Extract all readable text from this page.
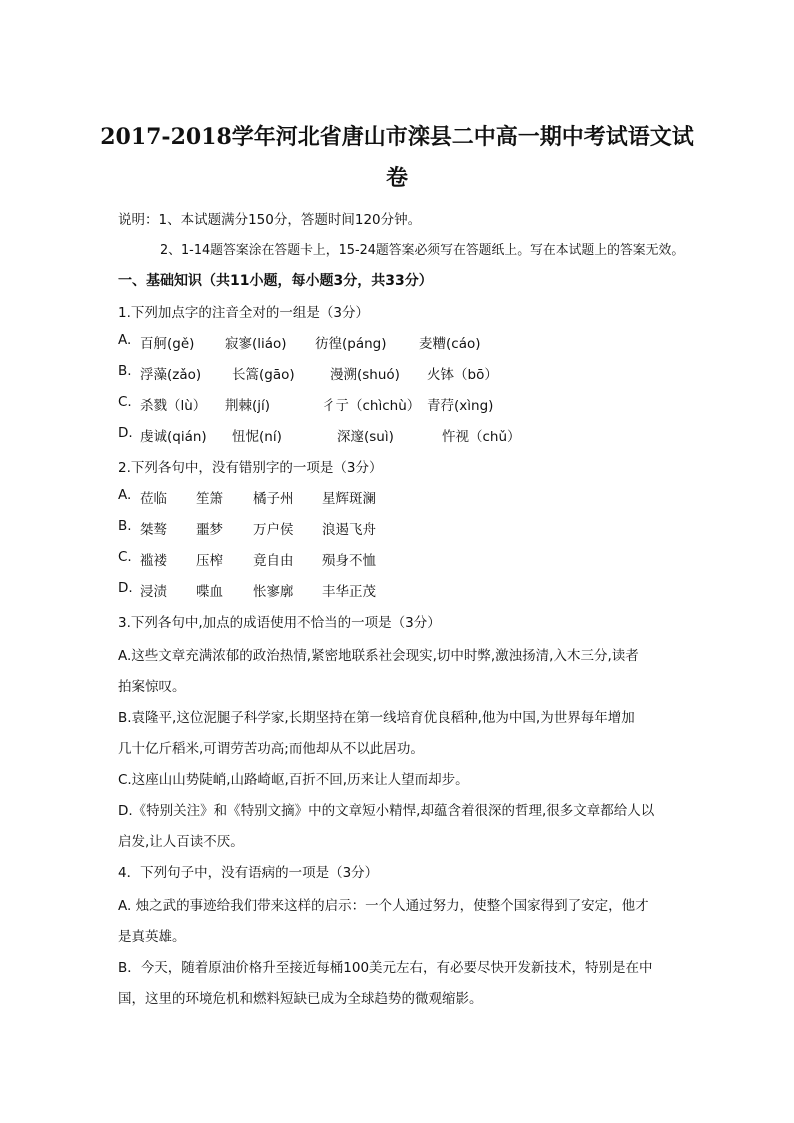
2017-2018学年河北省唐山市滦县二中高一期中考试语文试
卷
说明：1、本试题满分150分，答题时间120分钟。
2、1-14题答案涂在答题卡上，15-24题答案必须写在答题纸上。写在本试题上的答案无效。
一、基础知识（共11小题，每小题3分，共33分）
1.下列加点字的注音全对的一组是（3分）
A. 百舸(gě) 寂寥(liáo) 彷徨(páng) 麦糟(cáo)
B. 浮藻(zǎo) 长篙(gāo)	漫溯(shuó) 火钵（bō）
C. 杀戮（lù） 荆棘(jí)	彳亍（chìchù） 青荇(xìng)
D. 虔诚(qián) 忸怩(ní)	深邃(suì)	忤视（chǔ）
2.下列各句中，没有错别字的一项是（3分）
A. 莅临 笙箫 橘子州 星辉斑澜
B. 桀骜 噩梦 万户侯 浪遏飞舟
C. 褴褛 压榨 竟自由 殒身不恤
D. 浸渍 喋血 怅寥廓 丰华正茂
3.下列各句中,加点的成语使用不恰当的一项是（3分）
A.这些文章充满浓郁的政治热情,紧密地联系社会现实,切中时弊,激浊扬清,入木三分,读者
拍案惊叹。
B.袁隆平,这位泥腿子科学家,长期坚持在第一线培育优良稻种,他为中国,为世界每年增加
几十亿斤稻米,可谓劳苦功高;而他却从不以此居功。
C.这座山山势陡峭,山路崎岖,百折不回,历来让人望而却步。
D.《特别关注》和《特别文摘》中的文章短小精悍,却蕴含着很深的哲理,很多文章都给人以
启发,让人百读不厌。
4．下列句子中，没有语病的一项是（3分）
A. 烛之武的事迹给我们带来这样的启示：一个人通过努力，使整个国家得到了安定，他才
是真英雄。
B．今天，随着原油价格升至接近每桶100美元左右，有必要尽快开发新技术，特别是在中
国，这里的环境危机和燃料短缺已成为全球趋势的微观缩影。
